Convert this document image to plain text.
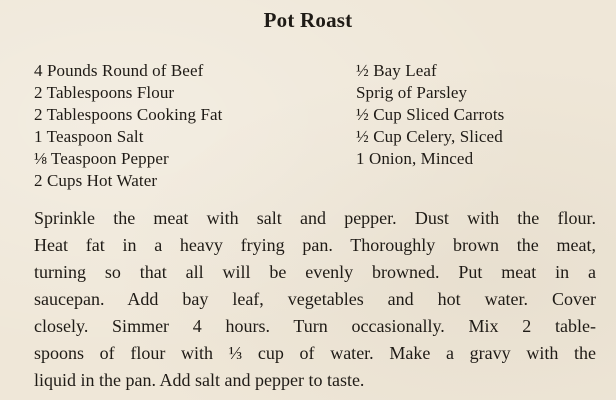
Pot Roast
4 Pounds Round of Beef
2 Tablespoons Flour
2 Tablespoons Cooking Fat
1 Teaspoon Salt
⅛ Teaspoon Pepper
2 Cups Hot Water
½ Bay Leaf
Sprig of Parsley
½ Cup Sliced Carrots
½ Cup Celery, Sliced
1 Onion, Minced
Sprinkle the meat with salt and pepper. Dust with the flour.
Heat fat in a heavy frying pan. Thoroughly brown the meat,
turning so that all will be evenly browned. Put meat in a
saucepan. Add bay leaf, vegetables and hot water. Cover
closely. Simmer 4 hours. Turn occasionally. Mix 2 table-
spoons of flour with ⅓ cup of water. Make a gravy with the
liquid in the pan. Add salt and pepper to taste.
